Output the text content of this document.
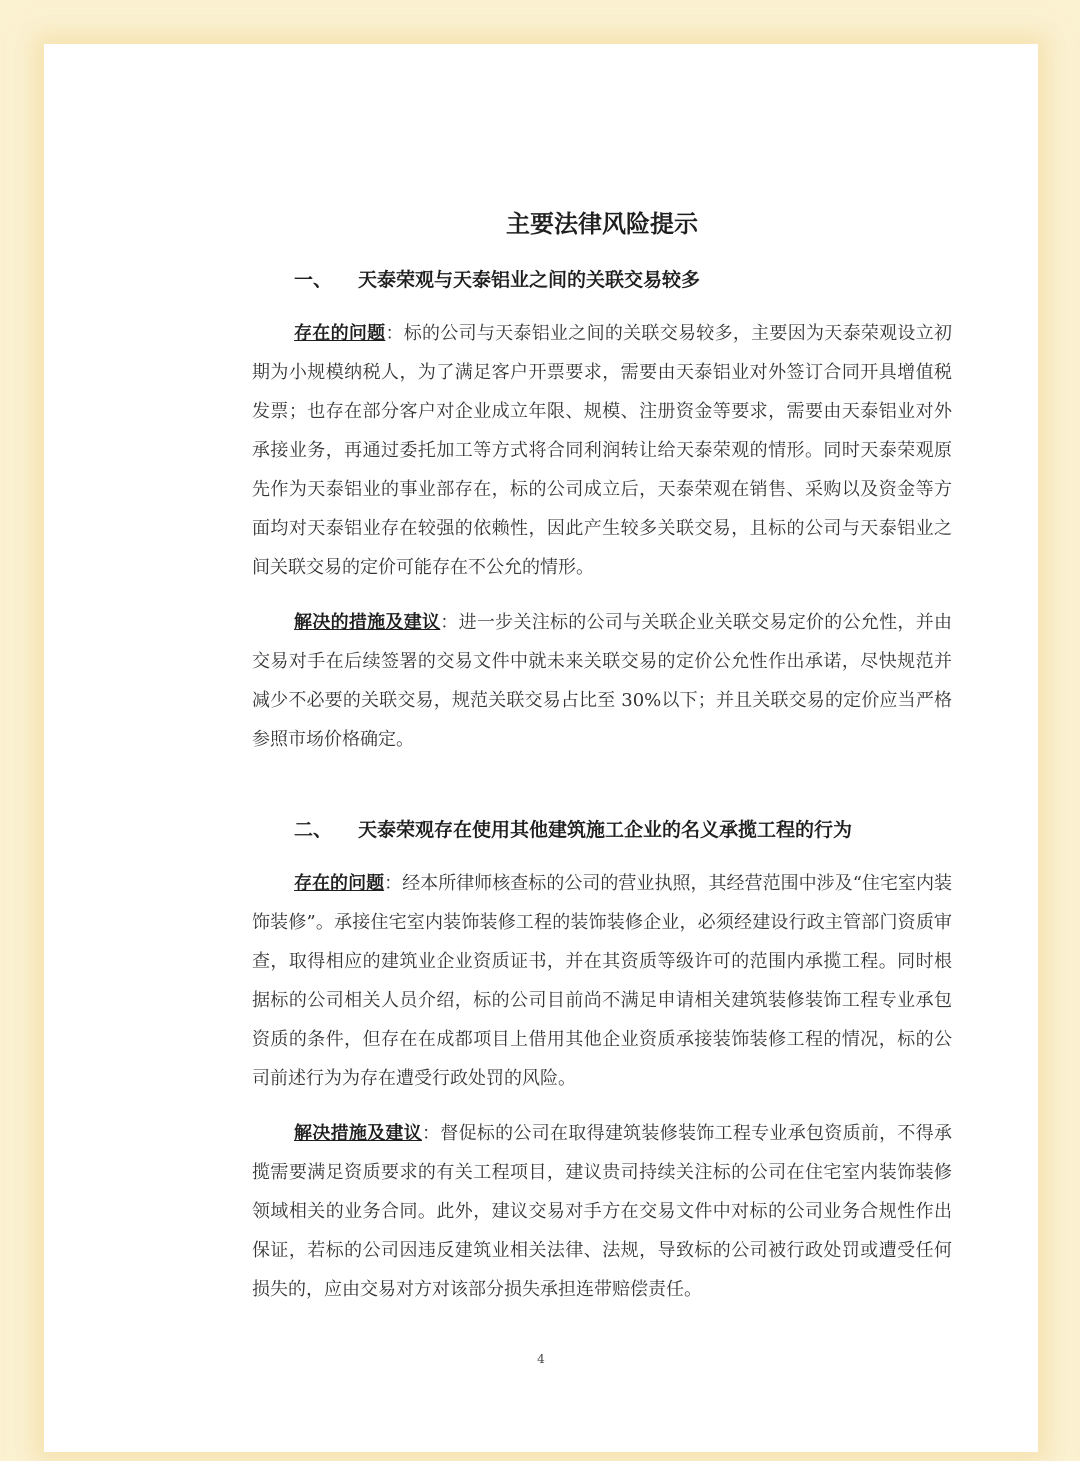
主要法律风险提示
一、 天泰荣观与天泰铝业之间的关联交易较多

存在的问题：标的公司与天泰铝业之间的关联交易较多，主要因为天泰荣观设立初期为小规模纳税人，为了满足客户开票要求，需要由天泰铝业对外签订合同开具增值税发票；也存在部分客户对企业成立年限、规模、注册资金等要求，需要由天泰铝业对外承接业务，再通过委托加工等方式将合同利润转让给天泰荣观的情形。同时天泰荣观原先作为天泰铝业的事业部存在，标的公司成立后，天泰荣观在销售、采购以及资金等方面均对天泰铝业存在较强的依赖性，因此产生较多关联交易，且标的公司与天泰铝业之间关联交易的定价可能存在不公允的情形。

解决的措施及建议：进一步关注标的公司与关联企业关联交易定价的公允性，并由交易对手在后续签署的交易文件中就未来关联交易的定价公允性作出承诺，尽快规范并减少不必要的关联交易，规范关联交易占比至 30%以下；并且关联交易的定价应当严格参照市场价格确定。

二、 天泰荣观存在使用其他建筑施工企业的名义承揽工程的行为

存在的问题：经本所律师核查标的公司的营业执照，其经营范围中涉及“住宅室内装饰装修”。承接住宅室内装饰装修工程的装饰装修企业，必须经建设行政主管部门资质审查，取得相应的建筑业企业资质证书，并在其资质等级许可的范围内承揽工程。同时根据标的公司相关人员介绍，标的公司目前尚不满足申请相关建筑装修装饰工程专业承包资质的条件，但存在在成都项目上借用其他企业资质承接装饰装修工程的情况，标的公司前述行为为存在遭受行政处罚的风险。

解决措施及建议：督促标的公司在取得建筑装修装饰工程专业承包资质前，不得承揽需要满足资质要求的有关工程项目，建议贵司持续关注标的公司在住宅室内装饰装修领域相关的业务合同。此外，建议交易对手方在交易文件中对标的公司业务合规性作出保证，若标的公司因违反建筑业相关法律、法规，导致标的公司被行政处罚或遭受任何损失的，应由交易对方对该部分损失承担连带赔偿责任。

4
